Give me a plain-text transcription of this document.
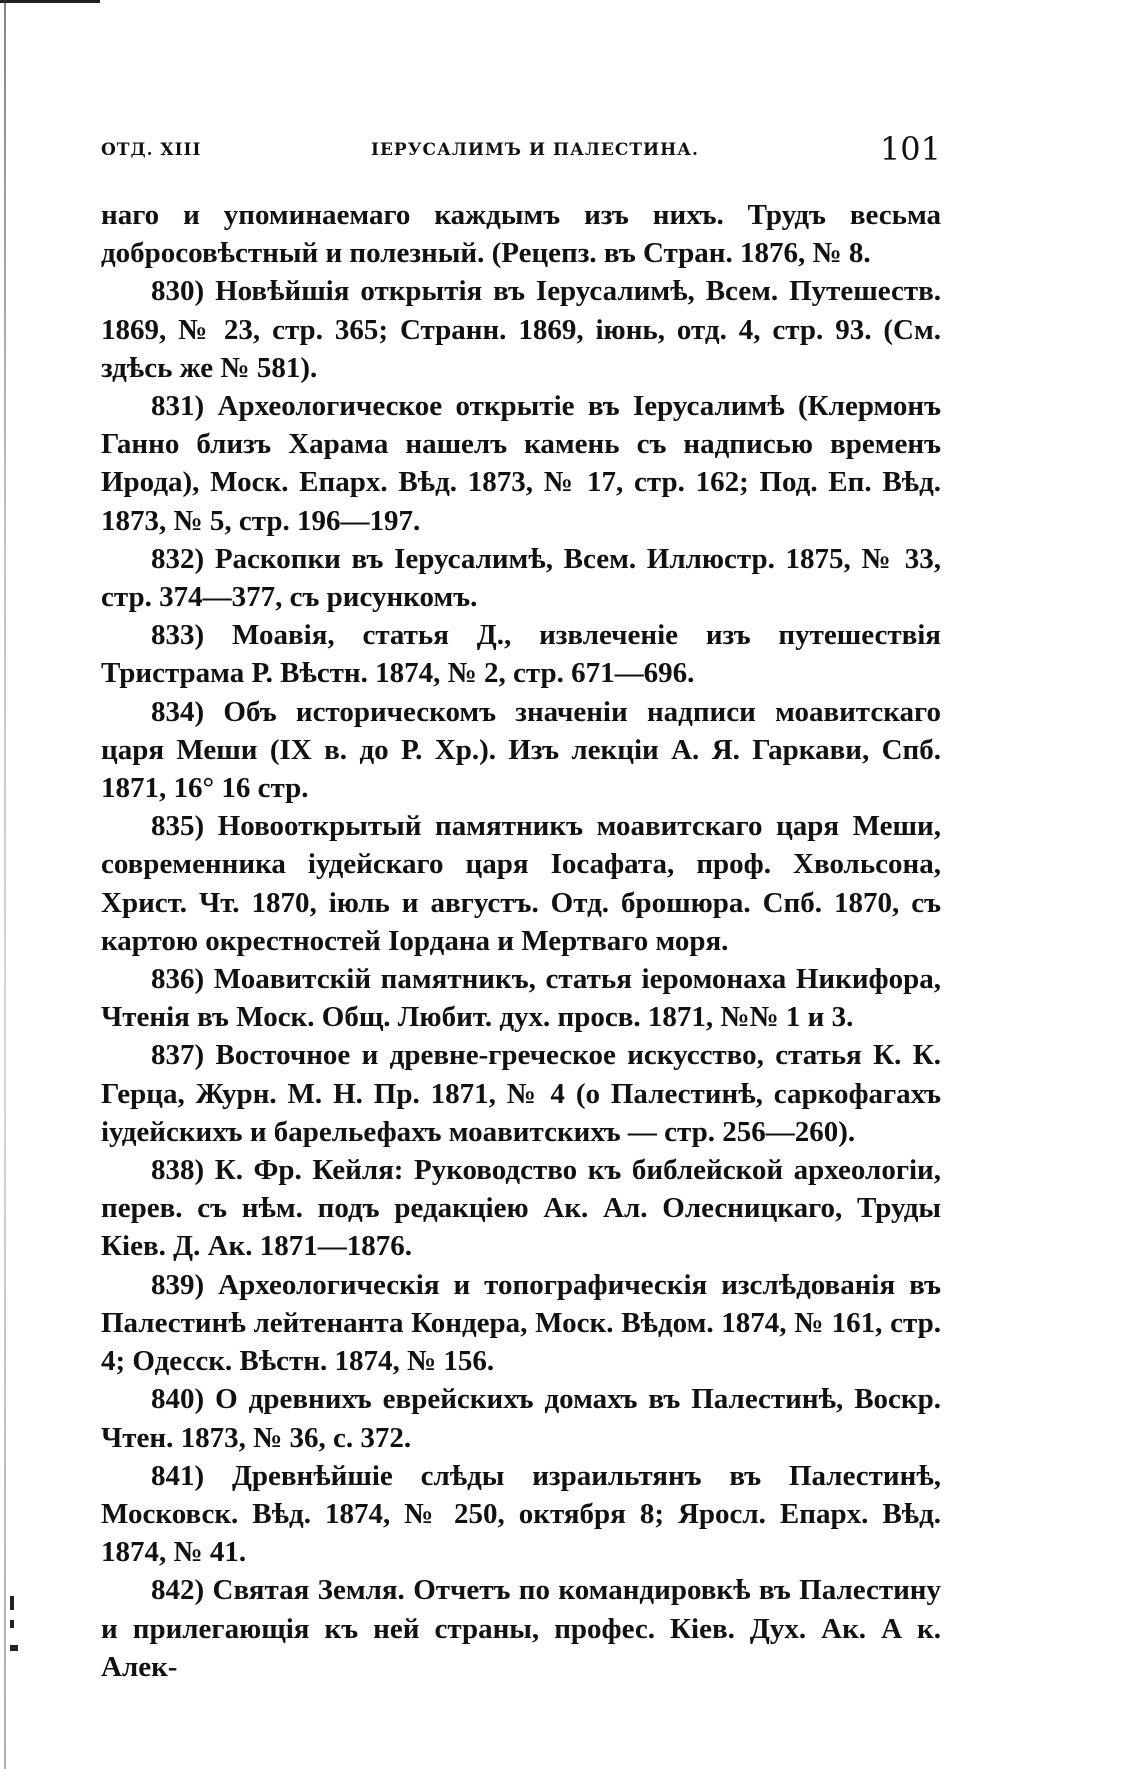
ОТД. XIII	ІЕРУСАЛИМЪ И ПАЛЕСТИНА.	101

наго и упоминаемаго каждымъ изъ нихъ. Трудъ весьма добросовѣстный и полезный. (Рецепз. въ Стран. 1876, № 8.

830) Новѣйшія открытія въ Іерусалимѣ, Всем. Путешеств. 1869, № 23, стр. 365; Странн. 1869, іюнь, отд. 4, стр. 93. (См. здѣсь же № 581).

831) Археологическое открытіе въ Іерусалимѣ (Клермонъ Ганно близъ Харама нашелъ камень съ надписью временъ Ирода), Моск. Епарх. Вѣд. 1873, № 17, стр. 162; Под. Еп. Вѣд. 1873, № 5, стр. 196—197.

832) Раскопки въ Іерусалимѣ, Всем. Иллюстр. 1875, № 33, стр. 374—377, съ рисункомъ.

833) Моавія, статья Д., извлеченіе изъ путешествія Тристрама Р. Вѣстн. 1874, № 2, стр. 671—696.

834) Объ историческомъ значеніи надписи моавитскаго царя Меши (IX в. до Р. Хр.). Изъ лекціи А. Я. Гаркави, Спб. 1871, 16° 16 стр.

835) Новооткрытый памятникъ моавитскаго царя Меши, современника іудейскаго царя Іосафата, проф. Хвольсона, Христ. Чт. 1870, іюль и августъ. Отд. брошюра. Спб. 1870, съ картою окрестностей Іордана и Мертваго моря.

836) Моавитскій памятникъ, статья іеромонаха Никифора, Чтенія въ Моск. Общ. Любит. дух. просв. 1871, №№ 1 и 3.

837) Восточное и древне-греческое искусство, статья К. К. Герца, Журн. М. Н. Пр. 1871, № 4 (о Палестинѣ, саркофагахъ іудейскихъ и барельефахъ моавитскихъ — стр. 256—260).

838) К. Фр. Кейля: Руководство къ библейской археологіи, перев. съ нѣм. подъ редакціею Ак. Ал. Олесницкаго, Труды Кіев. Д. Ак. 1871—1876.

839) Археологическія и топографическія изслѣдованія въ Палестинѣ лейтенанта Кондера, Моск. Вѣдом. 1874, № 161, стр. 4; Одесск. Вѣстн. 1874, № 156.

840) О древнихъ еврейскихъ домахъ въ Палестинѣ, Воскр. Чтен. 1873, № 36, с. 372.

841) Древнѣйшіе слѣды израильтянъ въ Палестинѣ, Московск. Вѣд. 1874, № 250, октября 8; Яросл. Епарх. Вѣд. 1874, № 41.

842) Святая Земля. Отчетъ по командировкѣ въ Палестину и прилегающія къ ней страны, профес. Кіев. Дух. Ак. А к. Алек-
